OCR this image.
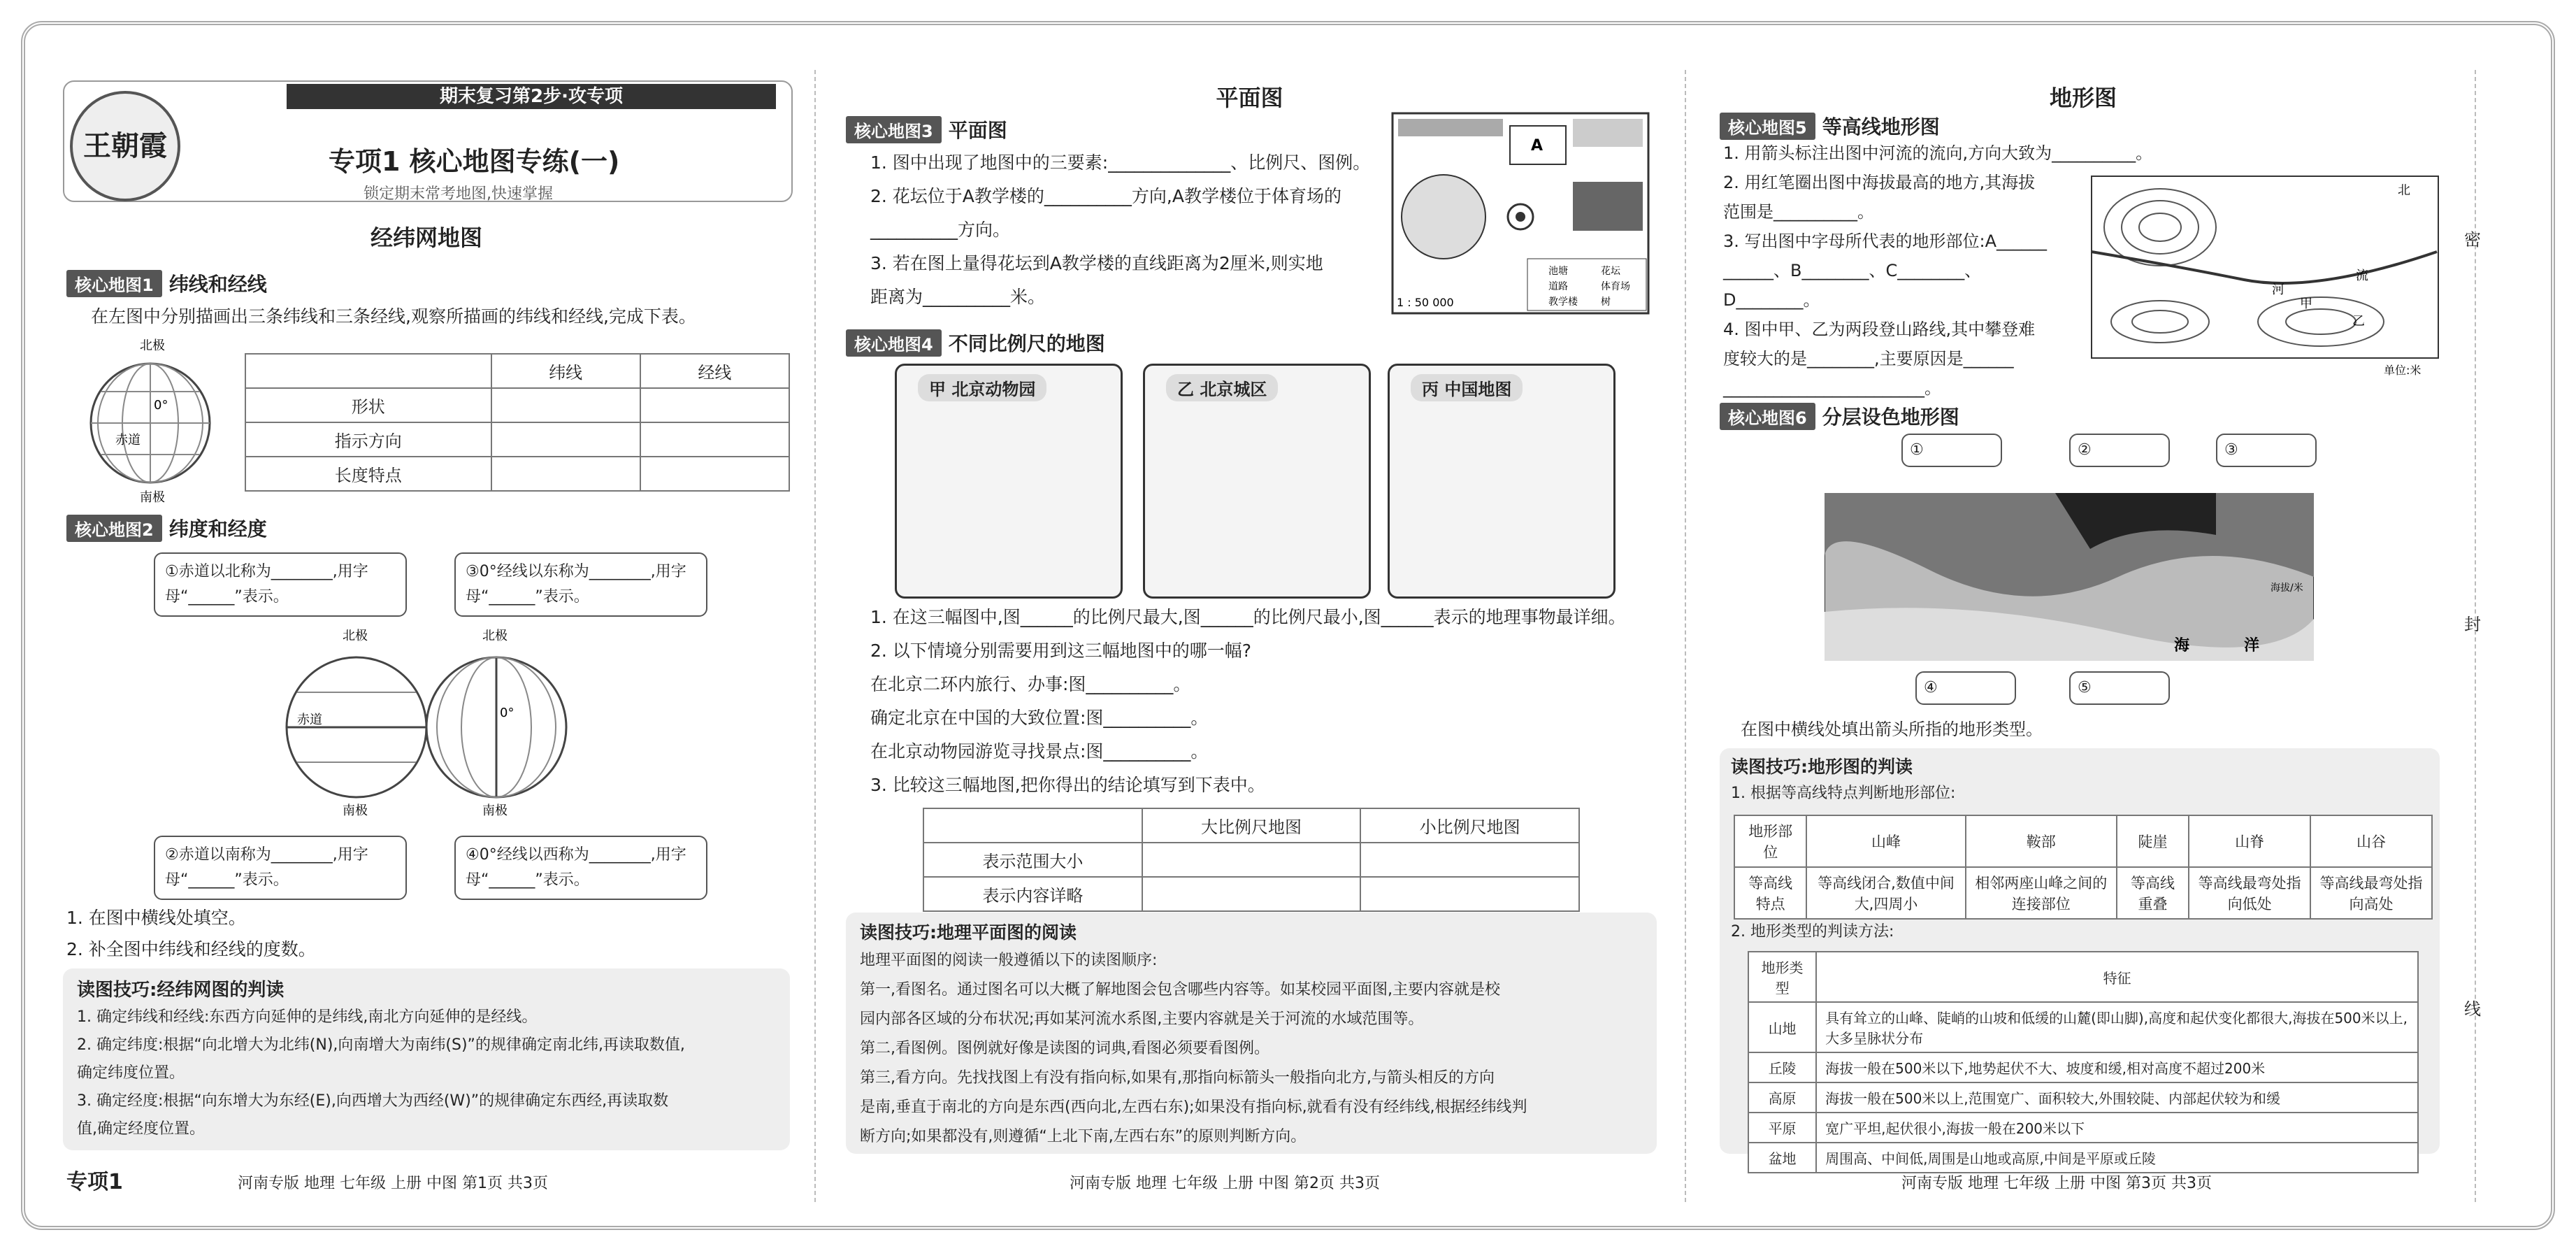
密
封
线
期末复习第2步·攻专项
王朝霞	专项1 核心地图专练(一)
锁定期末常考地图,快速掌握
经纬网地图
核心地图1 纬线和经线
在左图中分别描画出三条纬线和三条经线,观察所描画的纬线和经线,完成下表。
北极
0°
赤道
南极
	纬线	经线
形状		
指示方向		
长度特点		
核心地图2 纬度和经度
①赤道以北称为________,用字母“______”表示。
③0°经线以东称为________,用字母“______”表示。
北极
赤道
南极
北极
0°
南极
②赤道以南称为________,用字母“______”表示。
④0°经线以西称为________,用字母“______”表示。
1. 在图中横线处填空。
2. 补全图中纬线和经线的度数。
读图技巧:经纬网图的判读
1. 确定纬线和经线:东西方向延伸的是纬线,南北方向延伸的是经线。
2. 确定纬度:根据“向北增大为北纬(N),向南增大为南纬(S)”的规律确定南北纬,再读取数值,
确定纬度位置。
3. 确定经度:根据“向东增大为东经(E),向西增大为西经(W)”的规律确定东西经,再读取数
值,确定经度位置。
平面图
核心地图3 平面图
1. 图中出现了地图中的三要素:______________、比例尺、图例。
2. 花坛位于A教学楼的__________方向,A教学楼位于体育场的
__________方向。
3. 若在图上量得花坛到A教学楼的直线距离为2厘米,则实地
距离为__________米。
A
1 : 50 000
池塘	花坛
道路	体育场
教学楼 树
核心地图4 不同比例尺的地图
甲 北京动物园	乙 北京城区	丙 中国地图
1. 在这三幅图中,图______的比例尺最大,图______的比例尺最小,图______表示的地理事物最详细。
2. 以下情境分别需要用到这三幅地图中的哪一幅?
在北京二环内旅行、办事:图__________。
确定北京在中国的大致位置:图__________。
在北京动物园游览寻找景点:图__________。
3. 比较这三幅地图,把你得出的结论填写到下表中。
	大比例尺地图	小比例尺地图
表示范围大小		
表示内容详略		
读图技巧:地理平面图的阅读
地理平面图的阅读一般遵循以下的读图顺序:
第一,看图名。通过图名可以大概了解地图会包含哪些内容等。如某校园平面图,主要内容就是校
园内部各区域的分布状况;再如某河流水系图,主要内容就是关于河流的水域范围等。
第二,看图例。图例就好像是读图的词典,看图必须要看图例。
第三,看方向。先找找图上有没有指向标,如果有,那指向标箭头一般指向北方,与箭头相反的方向
是南,垂直于南北的方向是东西(西向北,左西右东);如果没有指向标,就看有没有经纬线,根据经纬线判
断方向;如果都没有,则遵循“上北下南,左西右东”的原则判断方向。
地形图
核心地图5 等高线地形图
1. 用箭头标注出图中河流的流向,方向大致为__________。
2. 用红笔圈出图中海拔最高的地方,其海拔
范围是__________。
3. 写出图中字母所代表的地形部位:A______
______、B________、C________、
D________。
4. 图中甲、乙为两段登山路线,其中攀登难
度较大的是________,主要原因是______
________________________。
北
河
流
甲
乙
单位:米
核心地图6 分层设色地形图
①	②	③
海	洋
海拔/米
④	⑤
在图中横线处填出箭头所指的地形类型。
读图技巧:地形图的判读
1. 根据等高线特点判断地形部位:
地形部位	山峰	鞍部	陡崖	山脊	山谷
等高线特点	等高线闭合,数值中间大,四周小	相邻两座山峰之间的连接部位	等高线重叠	等高线最弯处指向低处	等高线最弯处指向高处
2. 地形类型的判读方法:
地形类型	特征
山地	具有耸立的山峰、陡峭的山坡和低缓的山麓(即山脚),高度和起伏变化都很大,海拔在500米以上,大多呈脉状分布
丘陵	海拔一般在500米以下,地势起伏不大、坡度和缓,相对高度不超过200米
高原	海拔一般在500米以上,范围宽广、面积较大,外围较陡、内部起伏较为和缓
平原	宽广平坦,起伏很小,海拔一般在200米以下
盆地	周围高、中间低,周围是山地或高原,中间是平原或丘陵
专项1	河南专版 地理 七年级 上册 中图 第1页 共3页	河南专版 地理 七年级 上册 中图 第2页 共3页	河南专版 地理 七年级 上册 中图 第3页 共3页
